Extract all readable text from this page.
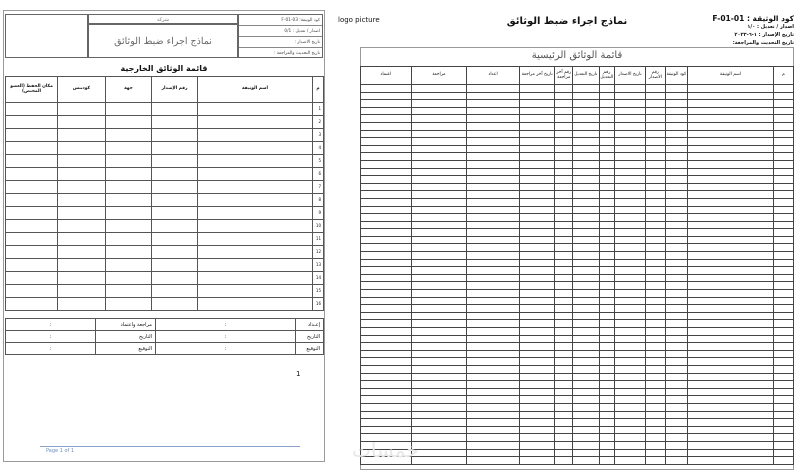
شركة
نماذج اجراء ضبط الوثائق
كود الوثيقة: F-01-03
اصدار / تعديل : 0/1
تاريخ الاصدار :
تاريخ التحديث والمراجعة :
قائمة الوثائق الخارجية
مكان الحفظ (العضو المختص)	كودتنس	جهة	رقم الإصدار	اسم الوثيقة	م
					1
					2
					3
					4
					5
					6
					7
					8
					9
					10
					11
					12
					13
					14
					15
					16
:	مراجعة واعتماد	:	إعـداد
:	التاريخ	:	التاريخ
:	التوقيع	:	التوقيع
1
Page 1 of 1
logo picture	نماذج اجراء ضبط الوثائق	كود الوثيقة : F-01-01
اصدار / تعديل : ١/٠
تاريخ الإصدار : ١-٦-٢٠٢٣
تاريخ التحديث والمراجعة:
قائمة الوثائق الرئيسية
اعتماد	مراجعة	اعداد	تاريخ آخر مراجعة	رقم آخر مراجعة	تاريخ التعديل	رقم التعديل	تاريخ الاصدار	رقم الاصدار	كود الوثيقة	اسم الوثيقة	م

خمسات
